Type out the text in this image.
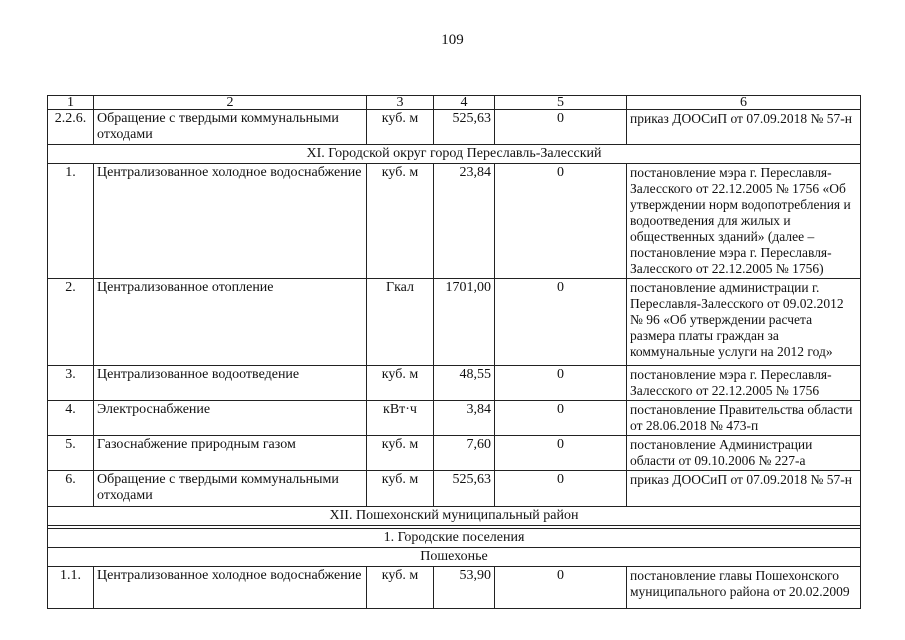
109
1	2	3	4	5	6
2.2.6.	Обращение с твердыми коммунальными отходами	куб. м	525,63	0	приказ ДООСиП от 07.09.2018 № 57-н
XI. Городской округ город Переславль-Залесский					
1.	Централизованное холодное водоснабжение	куб. м	23,84	0	постановление мэра г. Переславля-Залесского от 22.12.2005 № 1756 «Об утверждении норм водопотребления и водоотведения для жилых и общественных зданий» (далее – постановление мэра г. Переславля-Залесского от 22.12.2005 № 1756)
2.	Централизованное отопление	Гкал	1701,00	0	постановление администрации г. Переславля-Залесского от 09.02.2012 № 96 «Об утверждении расчета размера платы граждан за коммунальные услуги на 2012 год»
3.	Централизованное водоотведение	куб. м	48,55	0	постановление мэра г. Переславля-Залесского от 22.12.2005 № 1756
4.	Электроснабжение	кВт·ч	3,84	0	постановление Правительства области от 28.06.2018 № 473-п
5.	Газоснабжение природным газом	куб. м	7,60	0	постановление Администрации области от 09.10.2006 № 227-а
6.	Обращение с твердыми коммунальными отходами	куб. м	525,63	0	приказ ДООСиП от 07.09.2018 № 57-н
XII. Пошехонский муниципальный район					

1. Городские поселения					
Пошехонье					
1.1.	Централизованное холодное водоснабжение	куб. м	53,90	0	постановление главы Пошехонского муниципального района от 20.02.2009
